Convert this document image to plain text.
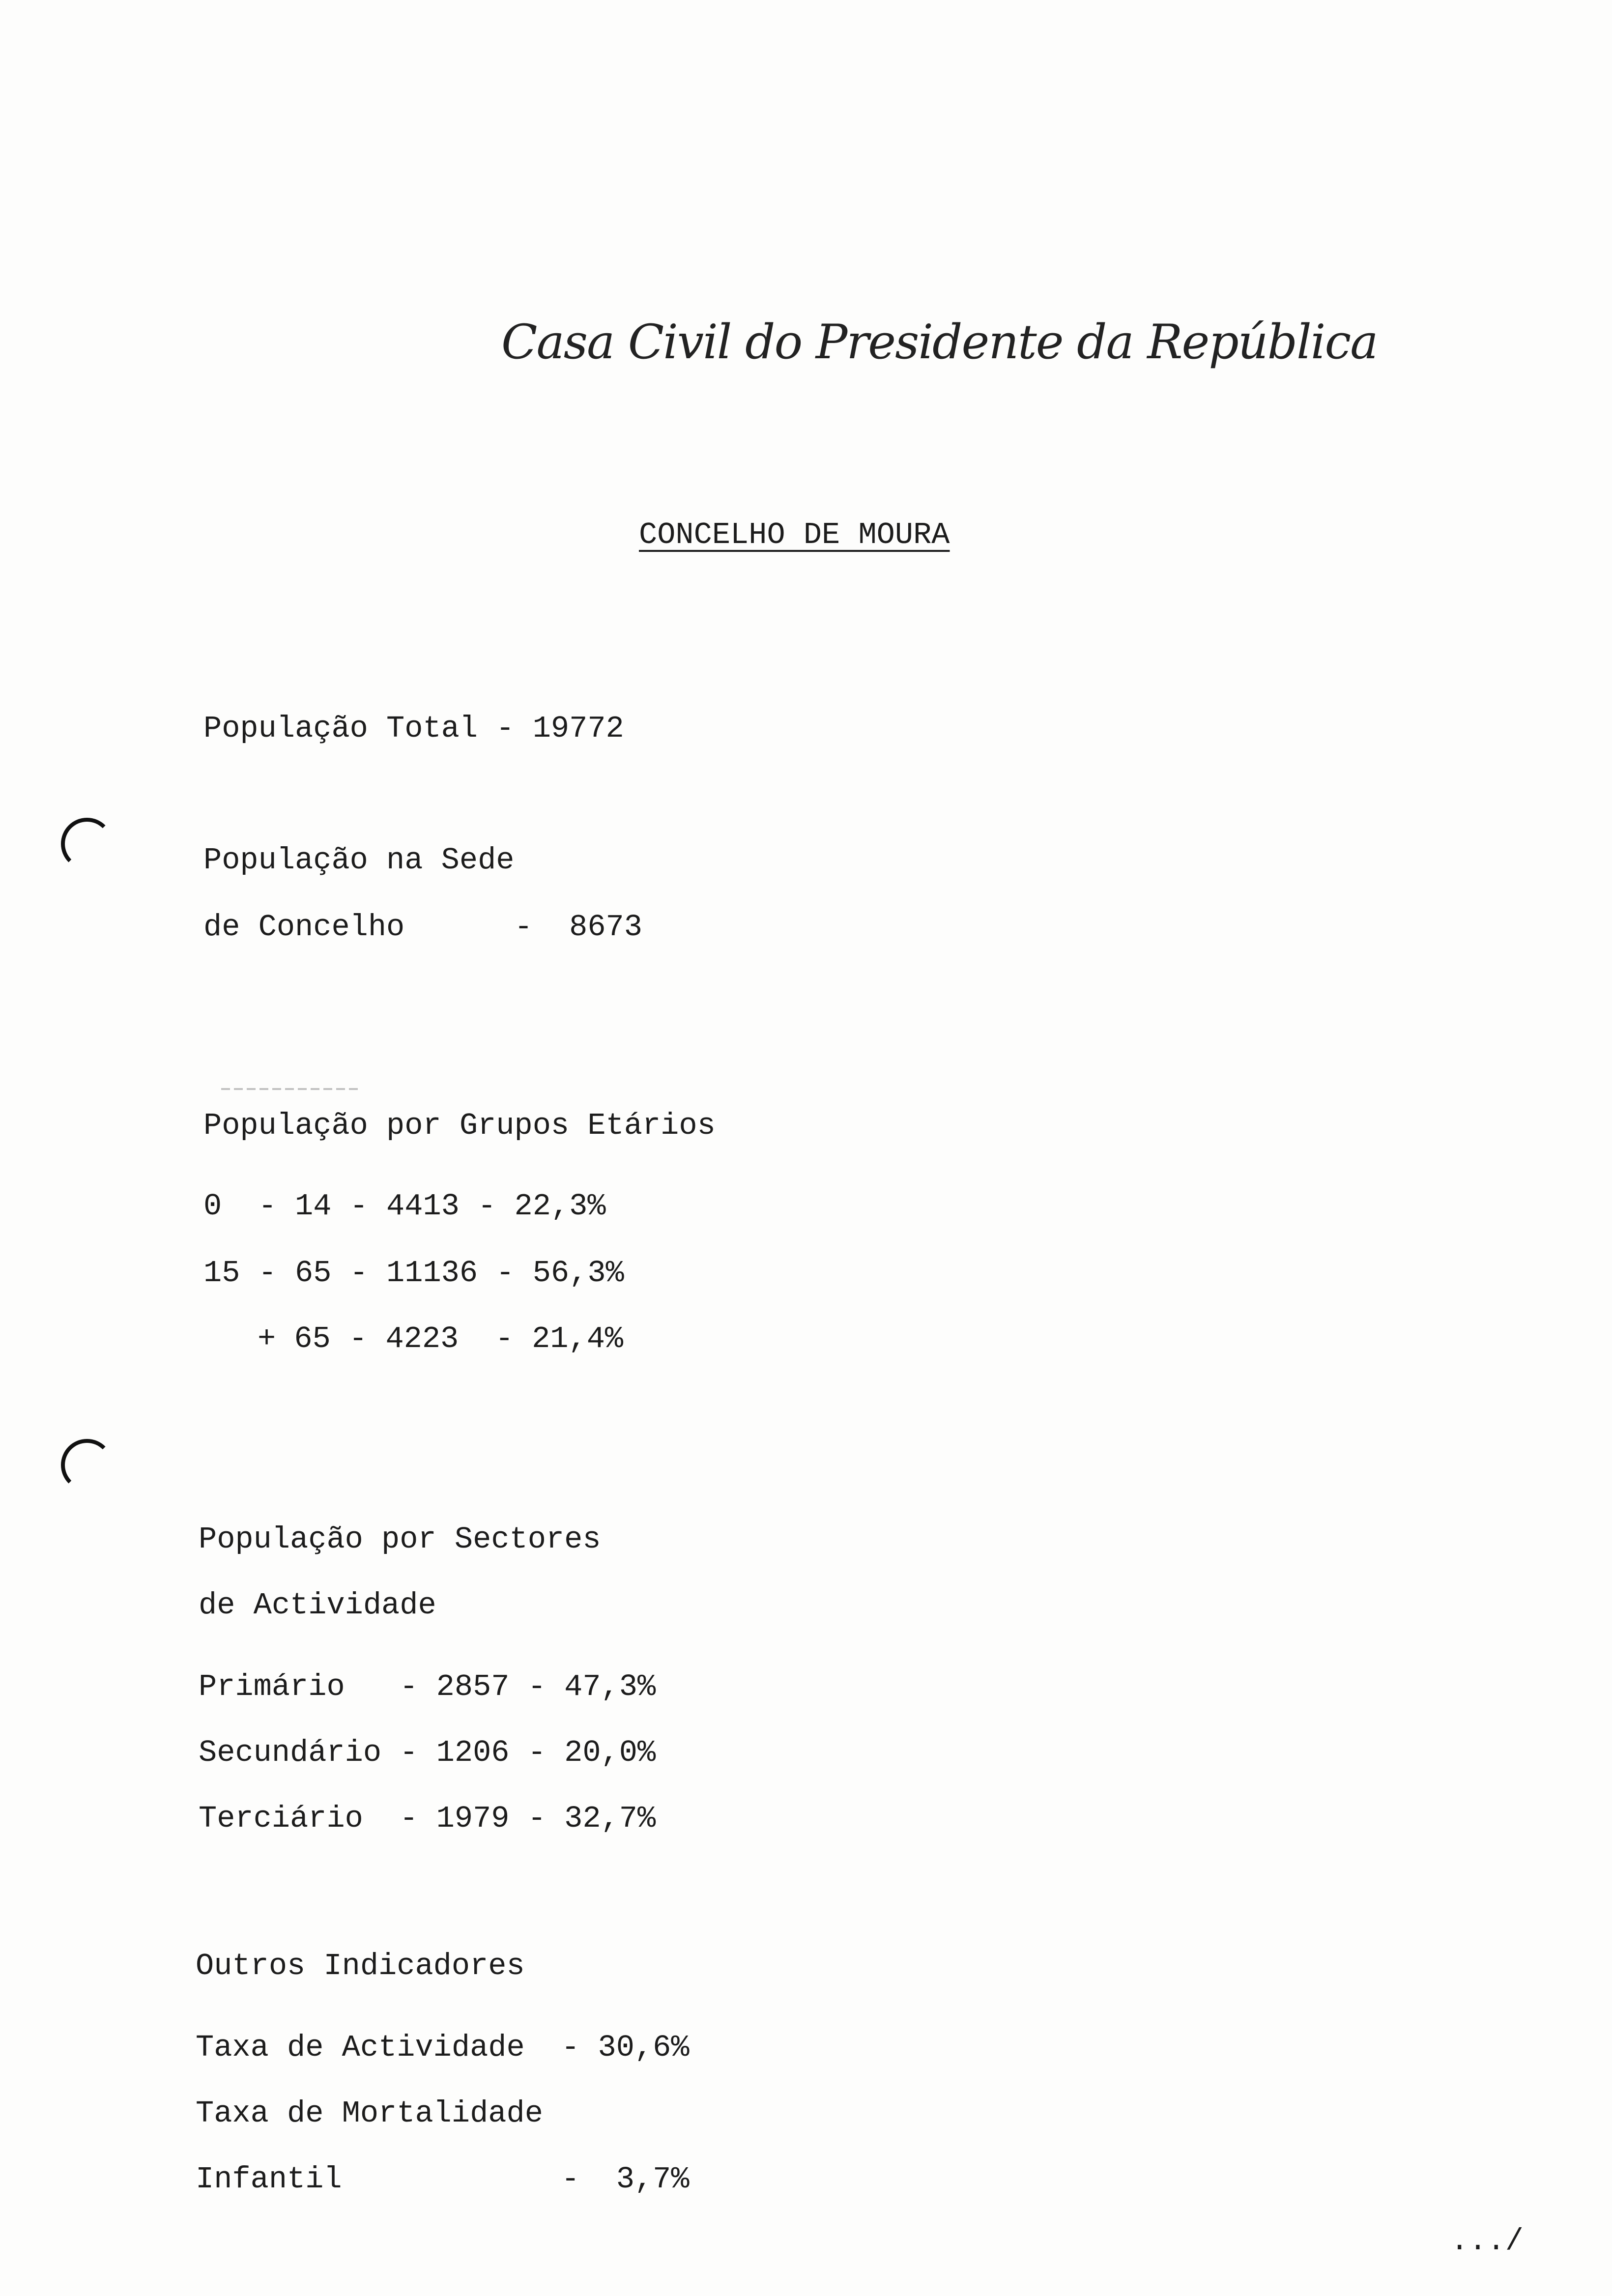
Casa Civil do Presidente da República
CONCELHO DE MOURA
População Total - 19772
População na Sede
de Concelho      -  8673
População por Grupos Etários
0  - 14 - 4413 - 22,3%
15 - 65 - 11136 - 56,3%
+ 65 - 4223  - 21,4%
População por Sectores
de Actividade
Primário   - 2857 - 47,3%
Secundário - 1206 - 20,0%
Terciário  - 1979 - 32,7%
Outros Indicadores
Taxa de Actividade  - 30,6%
Taxa de Mortalidade
Infantil            -  3,7%
.../
